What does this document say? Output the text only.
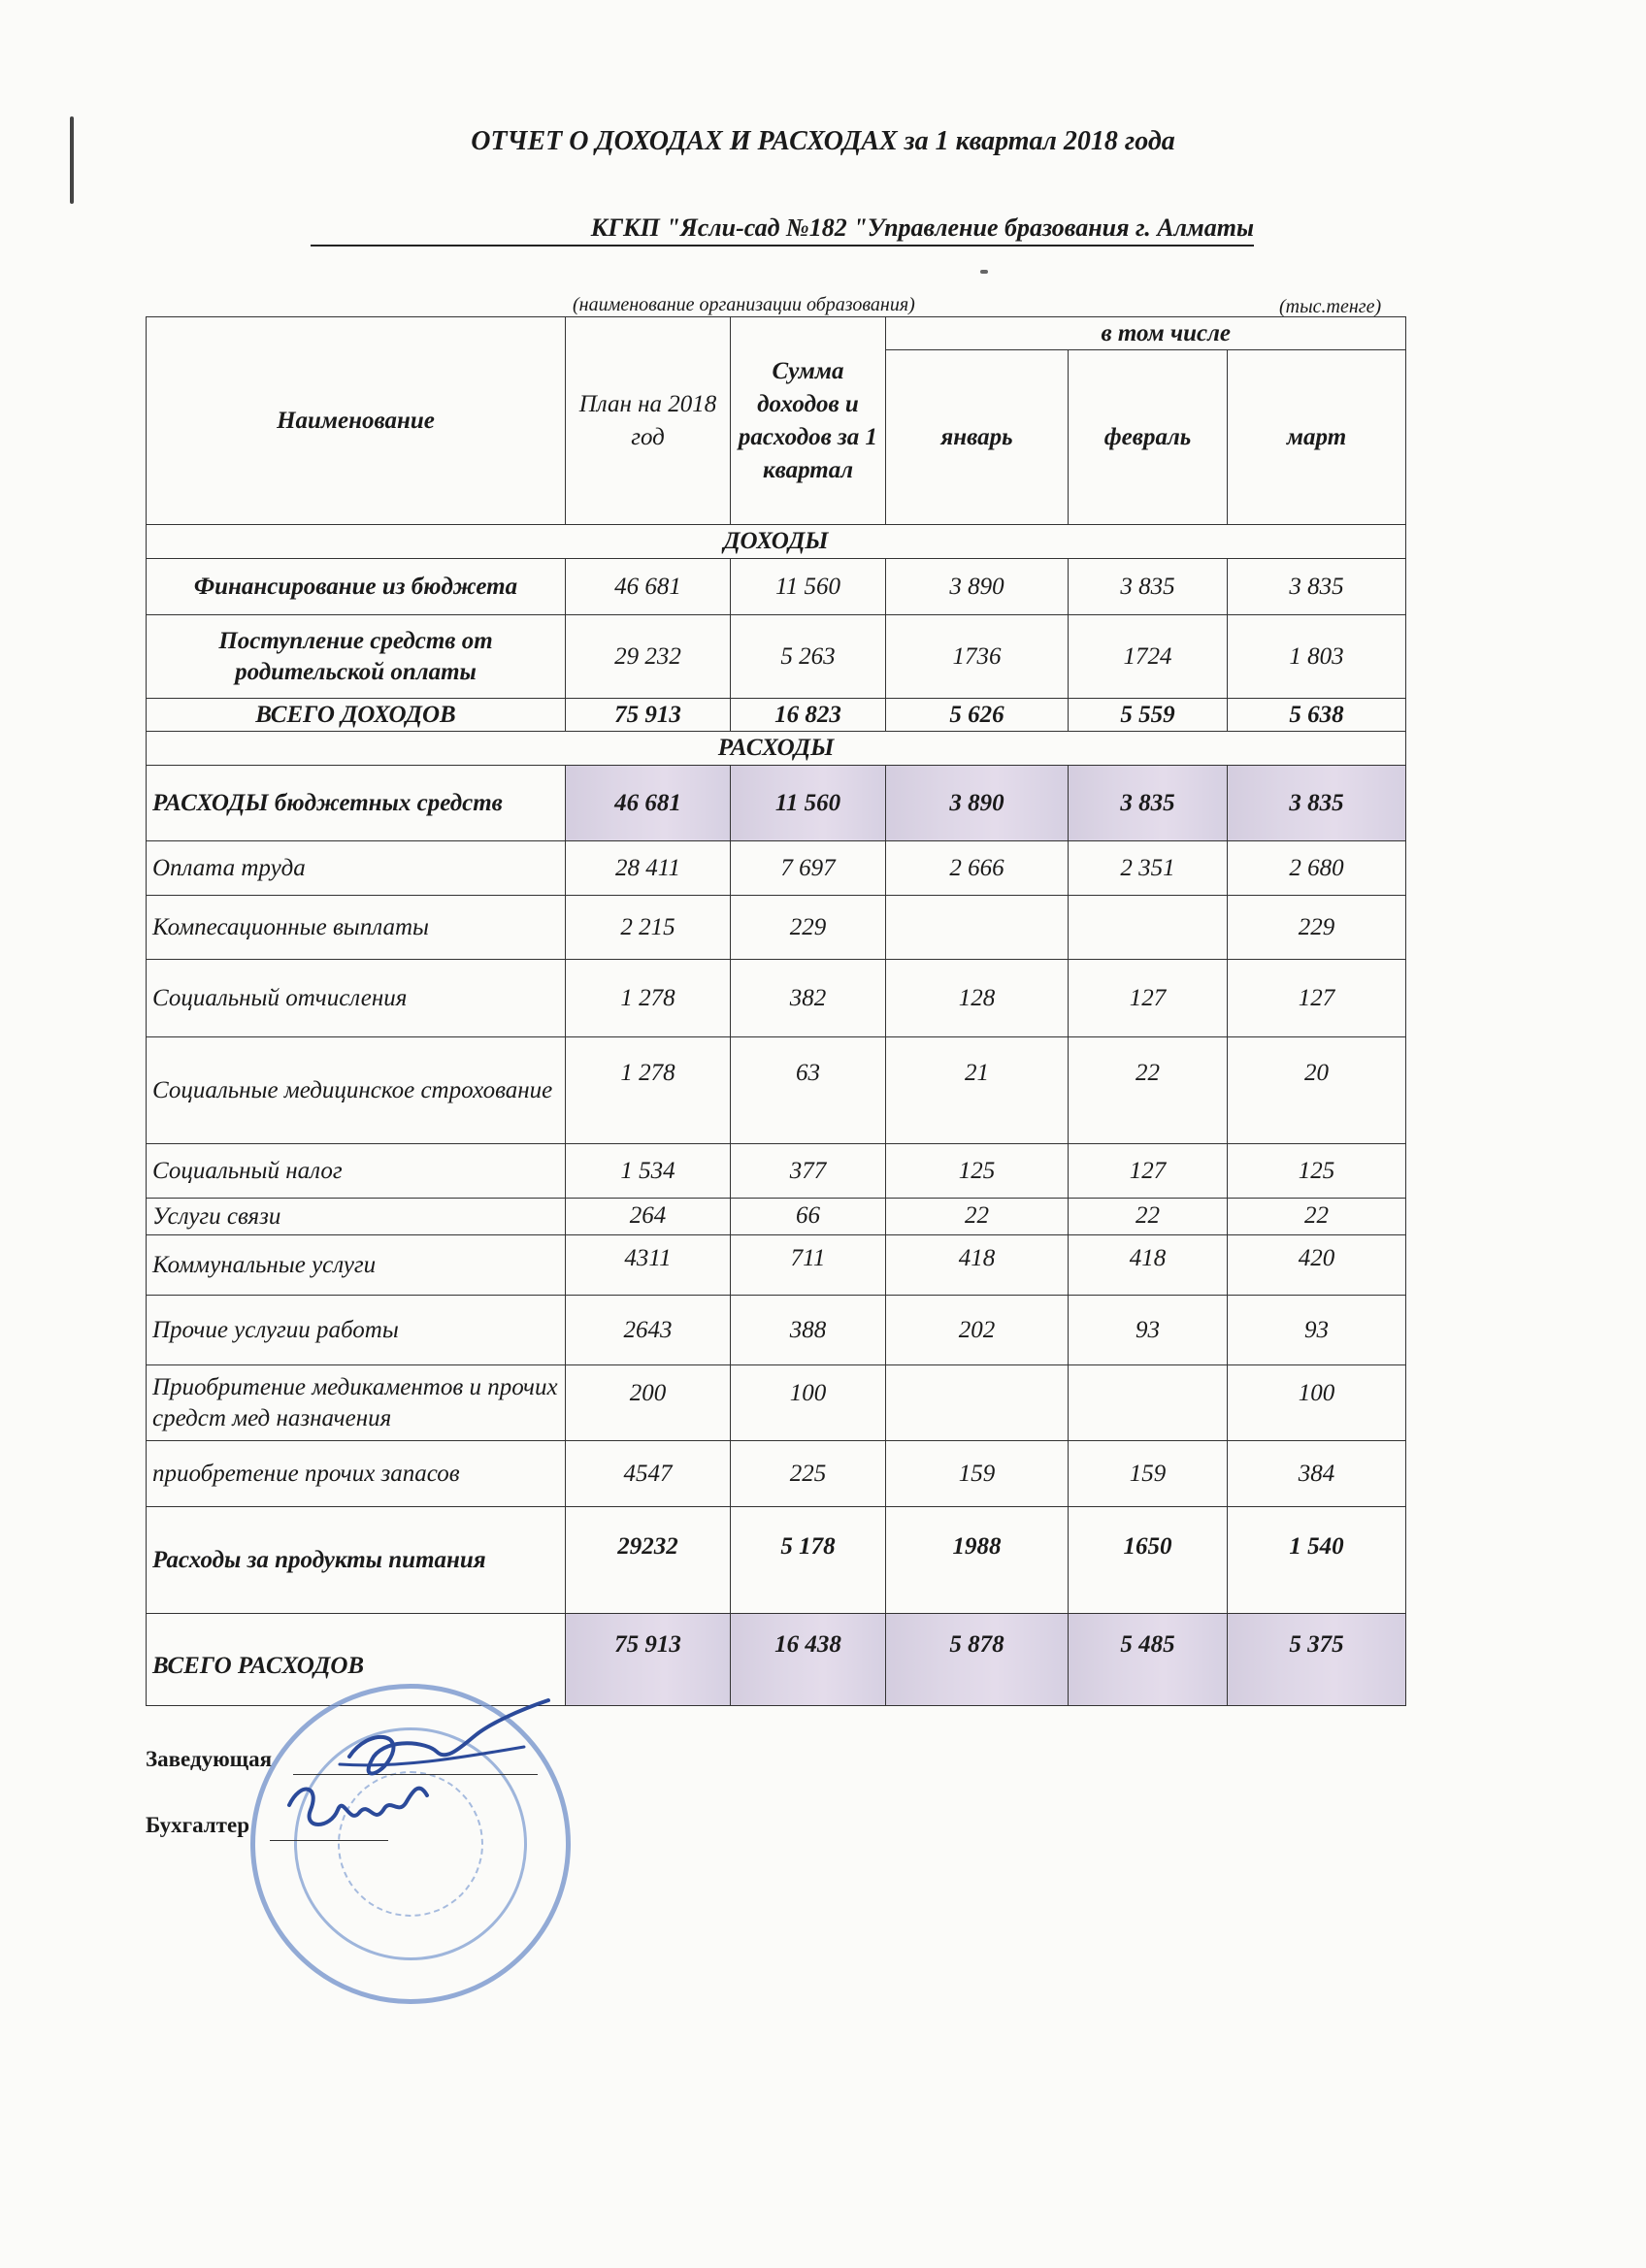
ОТЧЕТ О ДОХОДАХ И РАСХОДАХ за 1 квартал 2018 года
КГКП "Ясли-сад №182 "Управление бразования г. Алматы
(наименование организации образования)	(тыс.тенге)
Наименование	План на 2018 год	Сумма доходов и расходов за 1 квартал	в том числе		
			январь	февраль	март
ДОХОДЫ					
Финансирование из бюджета	46 681	11 560	3 890	3 835	3 835
Поступление средств от родительской оплаты	29 232	5 263	1736	1724	1 803
ВСЕГО ДОХОДОВ	75 913	16 823	5 626	5 559	5 638
РАСХОДЫ					
РАСХОДЫ бюджетных средств	46 681	11 560	3 890	3 835	3 835
Оплата труда	28 411	7 697	2 666	2 351	2 680
Компесационные выплаты	2 215	229			229
Социальный отчисления	1 278	382	128	127	127
Социальные медицинское строхование	1 278	63	21	22	20
Социальный налог	1 534	377	125	127	125
Услуги связи	264	66	22	22	22
Коммунальные услуги	4311	711	418	418	420
Прочие услугии работы	2643	388	202	93	93
Приобритение медикаментов и прочих средст мед назначения	200	100			100
приобретение прочих запасов	4547	225	159	159	384
Расходы за продукты питания	29232	5 178	1988	1650	1 540
ВСЕГО РАСХОДОВ	75 913	16 438	5 878	5 485	5 375
Заведующая
Бухгалтер
